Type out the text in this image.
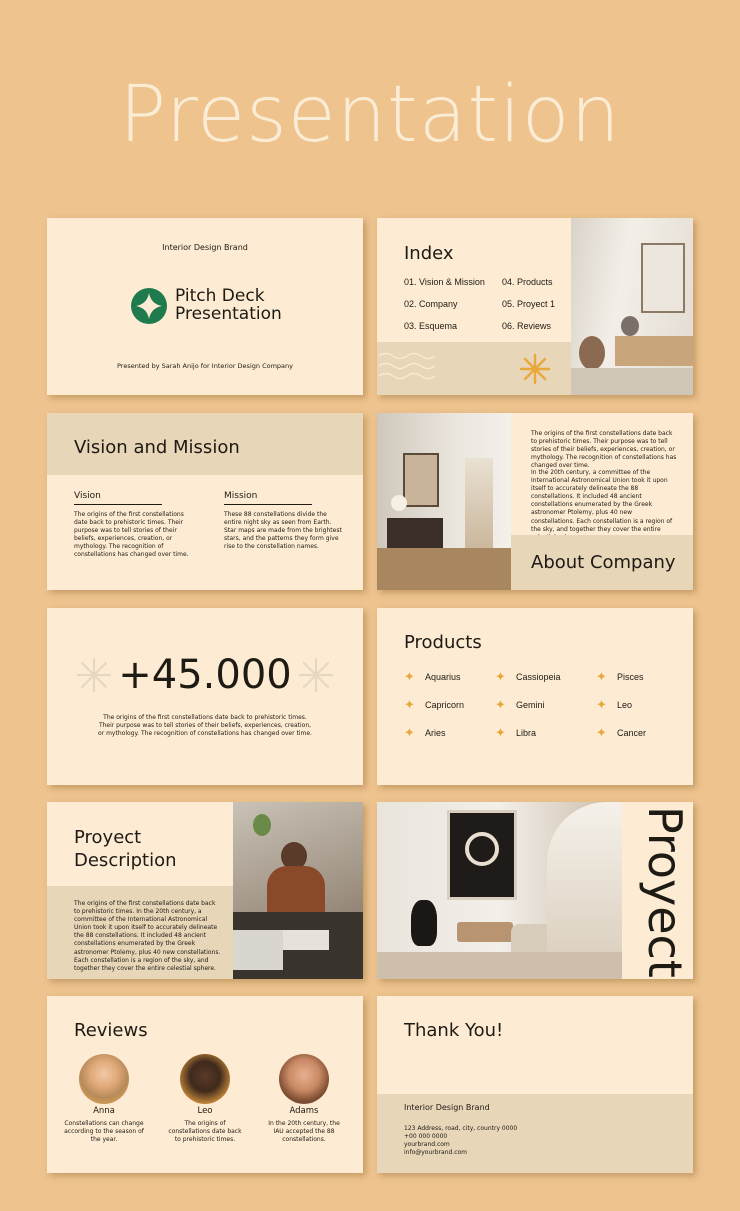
Presentation
Interior Design Brand
Pitch Deck
Presentation
Presented by Sarah Anijo for Interior Design Company
Index
01. Vision & Mission 04. Products
02. Company	05. Proyect 1
03. Esquema	06. Reviews
Vision and Mission
Vision
The origins of the first constellations date back to prehistoric times. Their purpose was to tell stories of their beliefs, experiences, creation, or mythology. The recognition of constellations has changed over time.
Mission
These 88 constellations divide the entire night sky as seen from Earth. Star maps are made from the brightest stars, and the patterns they form give rise to the constellation names.
The origins of the first constellations date back to prehistoric times. Their purpose was to tell stories of their beliefs, experiences, creation, or mythology. The recognition of constellations has changed over time.
In the 20th century, a committee of the International Astronomical Union took it upon itself to accurately delineate the 88 constellations. It included 48 ancient constellations enumerated by the Greek astronomer Ptolemy, plus 40 new constellations. Each constellation is a region of the sky, and together they cover the entire
About Company
+45.000
The origins of the first constellations date back to prehistoric times. Their purpose was to tell stories of their beliefs, experiences, creation, or mythology. The recognition of constellations has changed over time.
Products
✦ Aquarius	✦ Cassiopeia	✦ Pisces
✦ Capricorn ✦ Gemini	✦ Leo
✦ Aries	✦ Libra	✦ Cancer
Proyect
Description
The origins of the first constellations date back to prehistoric times. In the 20th century, a committee of the International Astronomical Union took it upon itself to accurately delineate the 88 constellations. It included 48 ancient constellations enumerated by the Greek astronomer Ptolemy, plus 40 new constellations. Each constellation is a region of the sky, and together they cover the entire celestial sphere.	Proyect
Reviews
Anna
Constellations can change according to the season of the year.
Leo
The origins of constellations date back to prehistoric times.
Adams
In the 20th century, the IAU accepted the 88 constellations.
Thank You!
Interior Design Brand
123 Address, road, city, country 0000
+00 000 0000
yourbrand.com
info@yourbrand.com
